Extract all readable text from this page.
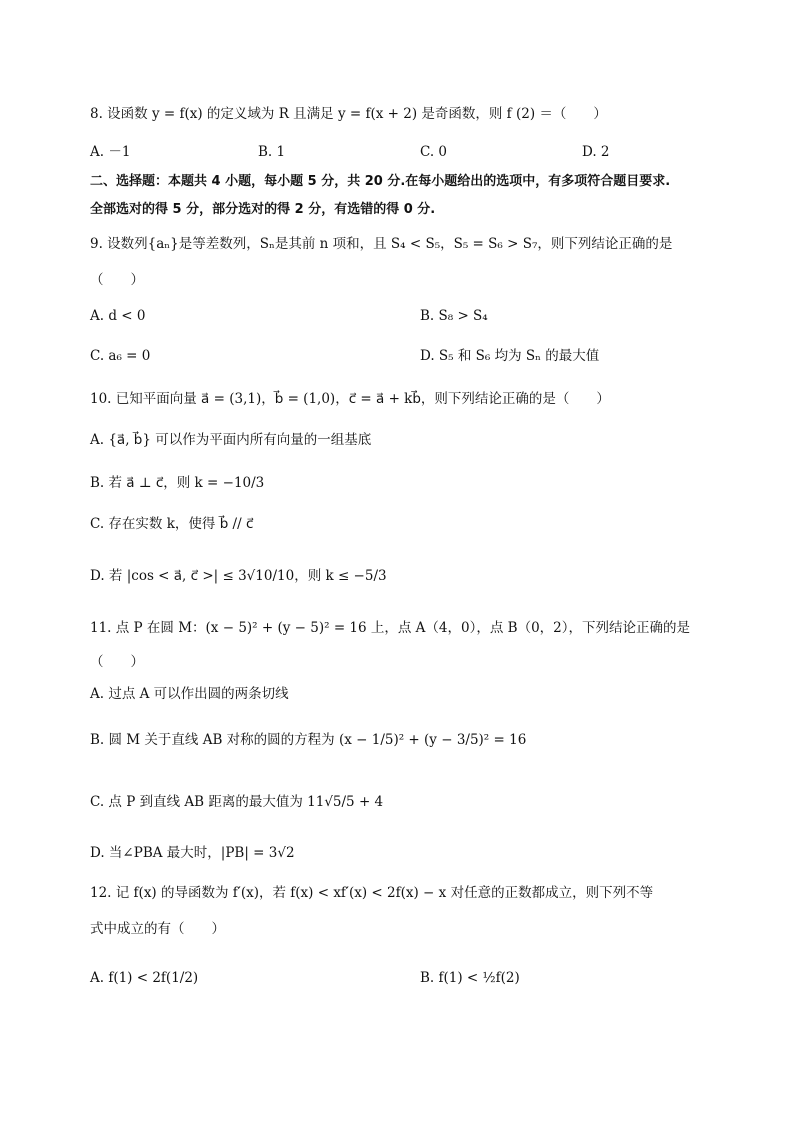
8. 设函数 y = f(x) 的定义域为 R 且满足 y = f(x + 2) 是奇函数，则 f (2) ＝（　　）
A. －1	B. 1	C. 0	D. 2
二、选择题：本题共 4 小题，每小题 5 分，共 20 分.在每小题给出的选项中，有多项符合题目要求.
全部选对的得 5 分，部分选对的得 2 分，有选错的得 0 分.
9. 设数列{aₙ}是等差数列，Sₙ是其前 n 项和，且 S₄ < S₅，S₅ = S₆ > S₇，则下列结论正确的是
（　　）
A. d < 0	B. S₈ > S₄
C. a₆ = 0	D. S₅ 和 S₆ 均为 Sₙ 的最大值
10. 已知平面向量 a⃗ = (3,1)，b⃗ = (1,0)，c⃗ = a⃗ + kb⃗，则下列结论正确的是（　　）
A. {a⃗, b⃗} 可以作为平面内所有向量的一组基底
B. 若 a⃗ ⊥ c⃗，则 k = −10/3
C. 存在实数 k，使得 b⃗ // c⃗
D. 若 |cos < a⃗, c⃗ >| ≤ 3√10/10，则 k ≤ −5/3
11. 点 P 在圆 M：(x − 5)² + (y − 5)² = 16 上，点 A（4，0），点 B（0，2），下列结论正确的是
（　　）
A. 过点 A 可以作出圆的两条切线
B. 圆 M 关于直线 AB 对称的圆的方程为 (x − 1/5)² + (y − 3/5)² = 16
C. 点 P 到直线 AB 距离的最大值为 11√5/5 + 4
D. 当∠PBA 最大时，|PB| = 3√2
12. 记 f(x) 的导函数为 f′(x)，若 f(x) < xf′(x) < 2f(x) − x 对任意的正数都成立，则下列不等
式中成立的有（　　）
A. f(1) < 2f(1/2)	B. f(1) < ½f(2)
